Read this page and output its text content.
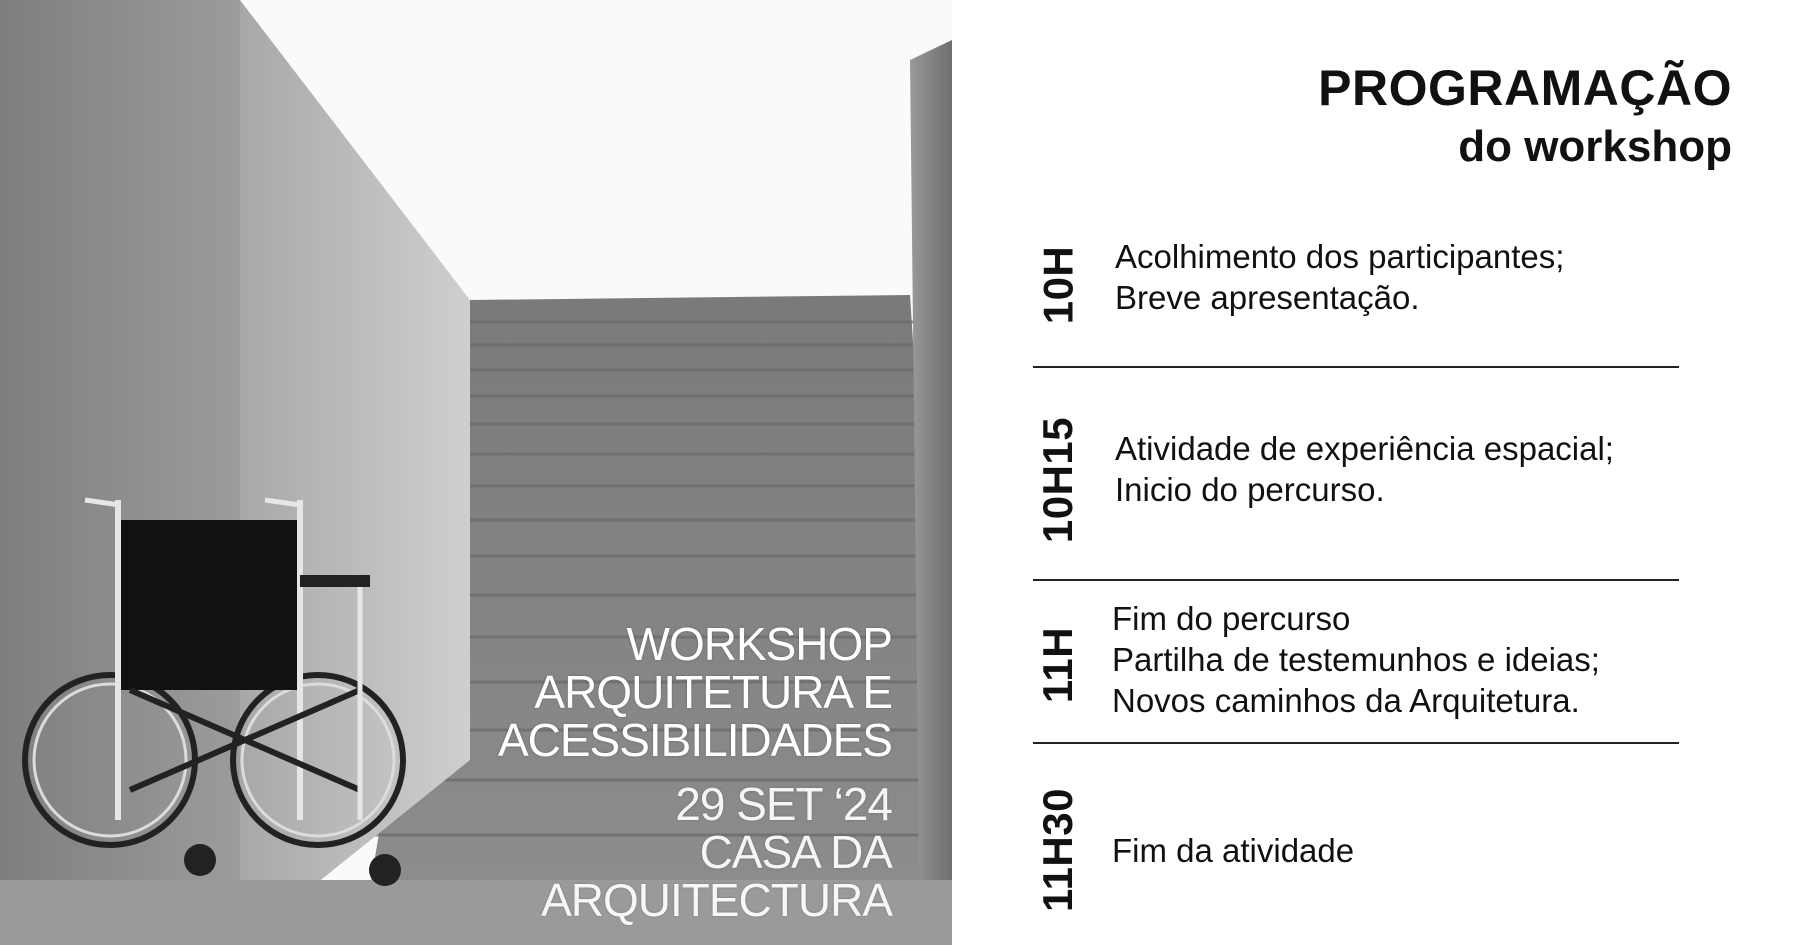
WORKSHOP
ARQUITETURA E
ACESSIBILIDADES
29 SET ‘24
CASA DA
ARQUITECTURA
PROGRAMAÇÃO
do workshop
10H Acolhimento dos participantes;
Breve apresentação.
10H15 Atividade de experiência espacial;
Inicio do percurso.
11H
Fim do percurso
Partilha de testemunhos e ideias;
Novos caminhos da Arquitetura.
11H30 Fim da atividade
